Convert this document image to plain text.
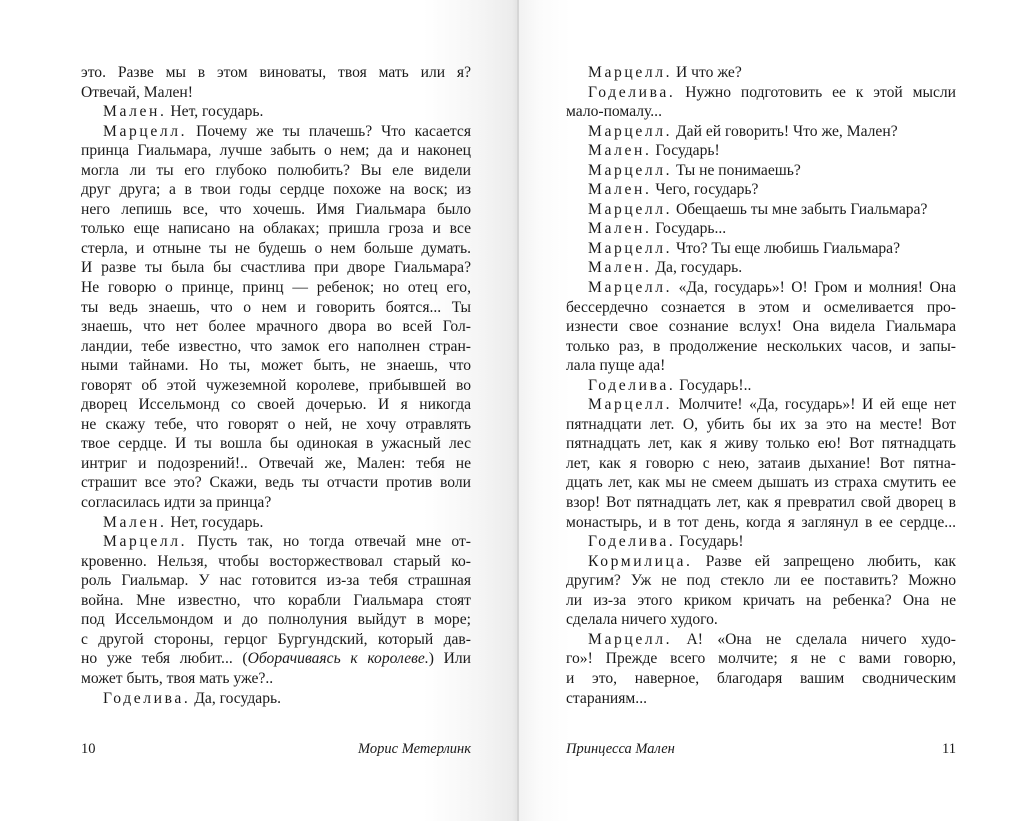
это. Разве мы в этом виноваты, твоя мать или я?
Отвечай, Мален!
Мален. Нет, государь.
Марцелл. Почему же ты плачешь? Что касается
принца Гиальмара, лучше забыть о нем; да и наконец
могла ли ты его глубоко полюбить? Вы еле видели
друг друга; а в твои годы сердце похоже на воск; из
него лепишь все, что хочешь. Имя Гиальмара было
только еще написано на облаках; пришла гроза и все
стерла, и отныне ты не будешь о нем больше думать.
И разве ты была бы счастлива при дворе Гиальмара?
Не говорю о принце, принц — ребенок; но отец его,
ты ведь знаешь, что о нем и говорить боятся... Ты
знаешь, что нет более мрачного двора во всей Гол-
ландии, тебе известно, что замок его наполнен стран-
ными тайнами. Но ты, может быть, не знаешь, что
говорят об этой чужеземной королеве, прибывшей во
дворец Иссельмонд со своей дочерью. И я никогда
не скажу тебе, что говорят о ней, не хочу отравлять
твое сердце. И ты вошла бы одинокая в ужасный лес
интриг и подозрений!.. Отвечай же, Мален: тебя не
страшит все это? Скажи, ведь ты отчасти против воли
согласилась идти за принца?
Мален. Нет, государь.
Марцелл. Пусть так, но тогда отвечай мне от-
кровенно. Нельзя, чтобы восторжествовал старый ко-
роль Гиальмар. У нас готовится из-за тебя страшная
война. Мне известно, что корабли Гиальмара стоят
под Иссельмондом и до полнолуния выйдут в море;
с другой стороны, герцог Бургундский, который дав-
но уже тебя любит... (Оборачиваясь к королеве.) Или
может быть, твоя мать уже?..
Годелива. Да, государь.
10	Морис Метерлинк
Марцелл. И что же?
Годелива. Нужно подготовить ее к этой мысли
мало-помалу...
Марцелл. Дай ей говорить! Что же, Мален?
Мален. Государь!
Марцелл. Ты не понимаешь?
Мален. Чего, государь?
Марцелл. Обещаешь ты мне забыть Гиальмара?
Мален. Государь...
Марцелл. Что? Ты еще любишь Гиальмара?
Мален. Да, государь.
Марцелл. «Да, государь»! О! Гром и молния! Она
бессердечно сознается в этом и осмеливается про-
изнести свое сознание вслух! Она видела Гиальмара
только раз, в продолжение нескольких часов, и запы-
лала пуще ада!
Годелива. Государь!..
Марцелл. Молчите! «Да, государь»! И ей еще нет
пятнадцати лет. О, убить бы их за это на месте! Вот
пятнадцать лет, как я живу только ею! Вот пятнадцать
лет, как я говорю с нею, затаив дыхание! Вот пятна-
дцать лет, как мы не смеем дышать из страха смутить ее
взор! Вот пятнадцать лет, как я превратил свой дворец в
монастырь, и в тот день, когда я заглянул в ее сердце...
Годелива. Государь!
Кормилица. Разве ей запрещено любить, как
другим? Уж не под стекло ли ее поставить? Можно
ли из-за этого криком кричать на ребенка? Она не
сделала ничего худого.
Марцелл. А! «Она не сделала ничего худо-
го»! Прежде всего молчите; я не с вами говорю,
и это, наверное, благодаря вашим сводническим
стараниям...
Принцесса Мален	11
